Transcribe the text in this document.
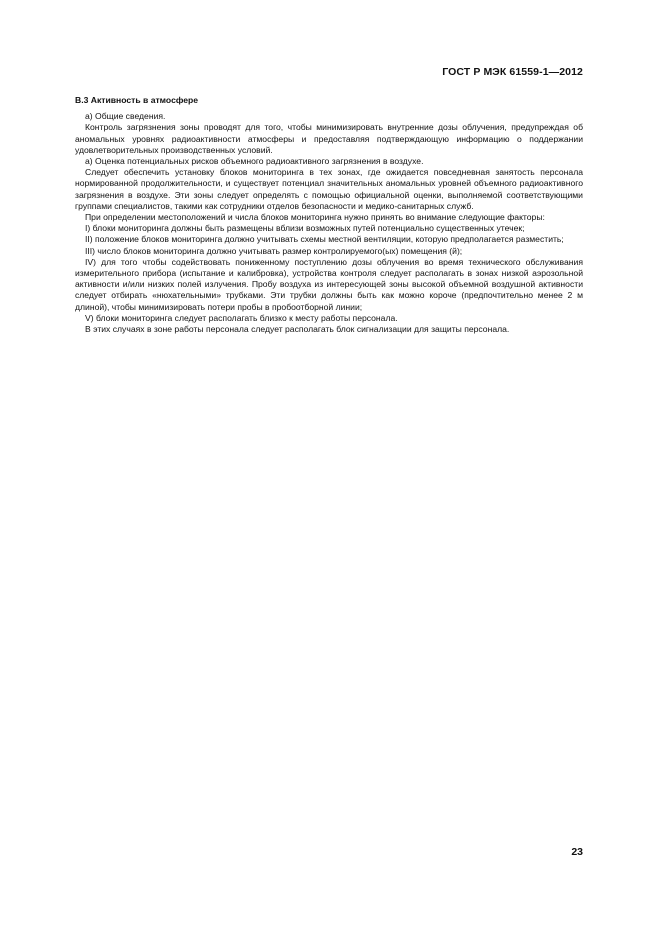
ГОСТ Р МЭК 61559-1—2012
В.3 Активность в атмосфере

а) Общие сведения.

Контроль загрязнения зоны проводят для того, чтобы минимизировать внутренние дозы облучения, предупреждая об аномальных уровнях радиоактивности атмосферы и предоставляя подтверждающую информацию о поддержании удовлетворительных производственных условий.

а) Оценка потенциальных рисков объемного радиоактивного загрязнения в воздухе.

Следует обеспечить установку блоков мониторинга в тех зонах, где ожидается повседневная занятость персонала нормированной продолжительности, и существует потенциал значительных аномальных уровней объемного радиоактивного загрязнения в воздухе. Эти зоны следует определять с помощью официальной оценки, выполняемой соответствующими группами специалистов, такими как сотрудники отделов безопасности и медико-санитарных служб.

При определении местоположений и числа блоков мониторинга нужно принять во внимание следующие факторы:

I) блоки мониторинга должны быть размещены вблизи возможных путей потенциально существенных утечек;

II) положение блоков мониторинга должно учитывать схемы местной вентиляции, которую предполагается разместить;

III) число блоков мониторинга должно учитывать размер контролируемого(ых) помещения (й);

IV) для того чтобы содействовать пониженному поступлению дозы облучения во время технического обслуживания измерительного прибора (испытание и калибровка), устройства контроля следует располагать в зонах низкой аэрозольной активности и/или низких полей излучения. Пробу воздуха из интересующей зоны высокой объемной воздушной активности следует отбирать «нюхательными» трубками. Эти трубки должны быть как можно короче (предпочтительно менее 2 м длиной), чтобы минимизировать потери пробы в пробоотборной линии;

V) блоки мониторинга следует располагать близко к месту работы персонала.

В этих случаях в зоне работы персонала следует располагать блок сигнализации для защиты персонала.

23
